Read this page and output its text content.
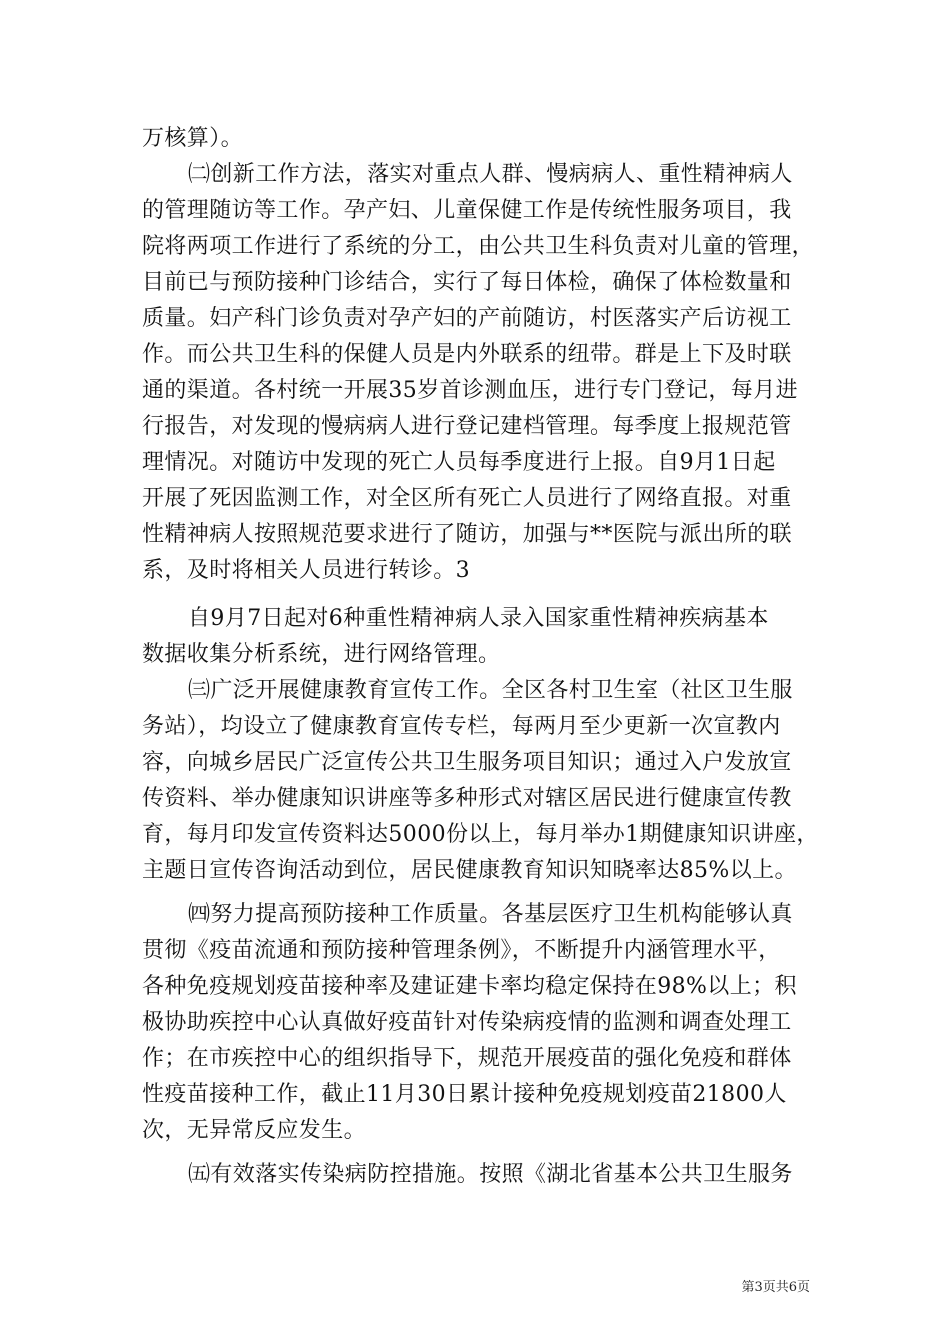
万核算）。
㈡创新工作方法，落实对重点人群、慢病病人、重性精神病人
的管理随访等工作。孕产妇、儿童保健工作是传统性服务项目，我
院将两项工作进行了系统的分工，由公共卫生科负责对儿童的管理，
目前已与预防接种门诊结合，实行了每日体检，确保了体检数量和
质量。妇产科门诊负责对孕产妇的产前随访，村医落实产后访视工
作。而公共卫生科的保健人员是内外联系的纽带。群是上下及时联
通的渠道。各村统一开展35岁首诊测血压，进行专门登记，每月进
行报告，对发现的慢病病人进行登记建档管理。每季度上报规范管
理情况。对随访中发现的死亡人员每季度进行上报。自9月1日起
开展了死因监测工作，对全区所有死亡人员进行了网络直报。对重
性精神病人按照规范要求进行了随访，加强与**医院与派出所的联
系，及时将相关人员进行转诊。3
自9月7日起对6种重性精神病人录入国家重性精神疾病基本
数据收集分析系统，进行网络管理。
㈢广泛开展健康教育宣传工作。全区各村卫生室（社区卫生服
务站），均设立了健康教育宣传专栏，每两月至少更新一次宣教内
容，向城乡居民广泛宣传公共卫生服务项目知识；通过入户发放宣
传资料、举办健康知识讲座等多种形式对辖区居民进行健康宣传教
育，每月印发宣传资料达5000份以上，每月举办1期健康知识讲座，
主题日宣传咨询活动到位，居民健康教育知识知晓率达85%以上。
㈣努力提高预防接种工作质量。各基层医疗卫生机构能够认真
贯彻《疫苗流通和预防接种管理条例》，不断提升内涵管理水平，
各种免疫规划疫苗接种率及建证建卡率均稳定保持在98%以上；积
极协助疾控中心认真做好疫苗针对传染病疫情的监测和调查处理工
作；在市疾控中心的组织指导下，规范开展疫苗的强化免疫和群体
性疫苗接种工作，截止11月30日累计接种免疫规划疫苗21800人
次，无异常反应发生。
㈤有效落实传染病防控措施。按照《湖北省基本公共卫生服务
第3页共6页
